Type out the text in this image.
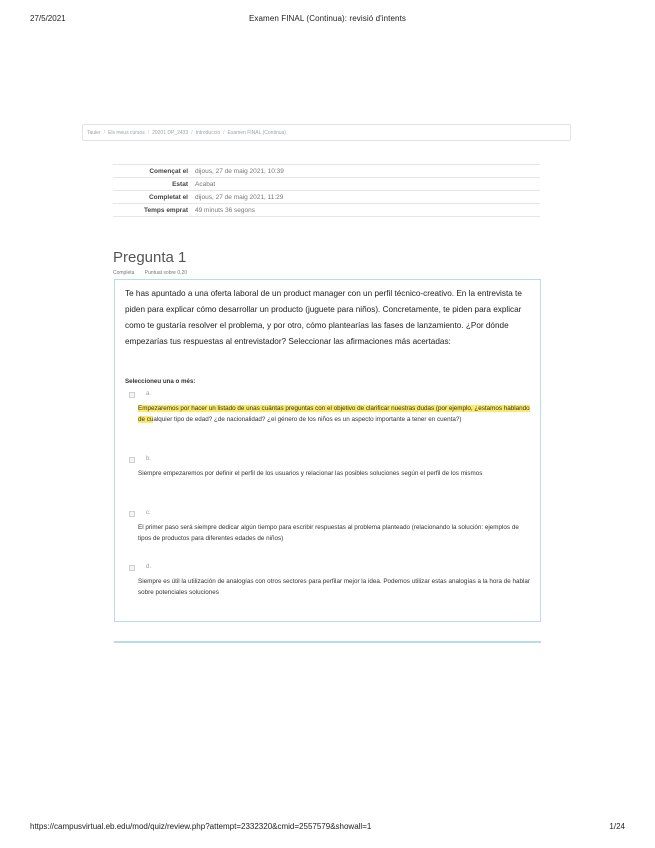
27/5/2021	Examen FINAL (Continua): revisió d'intents
Tauler / Els meus cursos / 20201 DP_2433 / Introducció / Examen FINAL (Continua)
Començat el	dijous, 27 de maig 2021, 10:39
Estat	Acabat
Completat el	dijous, 27 de maig 2021, 11:29
Temps emprat	49 minuts 36 segons
Pregunta 1
Completa Puntuat sobre 0,20
Te has apuntado a una oferta laboral de un product manager con un perfil técnico-creativo. En la entrevista te piden para explicar cómo desarrollar un producto (juguete para niños). Concretamente, te piden para explicar como te gustaría resolver el problema, y por otro, cómo plantearías las fases de lanzamiento. ¿Por dónde empezarías tus respuestas al entrevistador? Seleccionar las afirmaciones más acertadas:
Seleccioneu una o més:
a.
Empezaremos por hacer un listado de unas cuántas preguntas con el objetivo de clarificar nuestras dudas (por ejemplo, ¿estamos hablando de cualquier tipo de edad? ¿de nacionalidad? ¿el género de los niños es un aspecto importante a tener en cuenta?)
b.
Siempre empezaremos por definir el perfil de los usuarios y relacionar las posibles soluciones según el perfil de los mismos
c.
El primer paso será siempre dedicar algún tiempo para escribir respuestas al problema planteado (relacionando la solución: ejemplos de tipos de productos para diferentes edades de niños)
d.
Siempre es útil la utilización de analogías con otros sectores para perfilar mejor la idea. Podemos utilizar estas analogías a la hora de hablar sobre potenciales soluciones
https://campusvirtual.eb.edu/mod/quiz/review.php?attempt=2332320&cmid=2557579&showall=1	1/24
